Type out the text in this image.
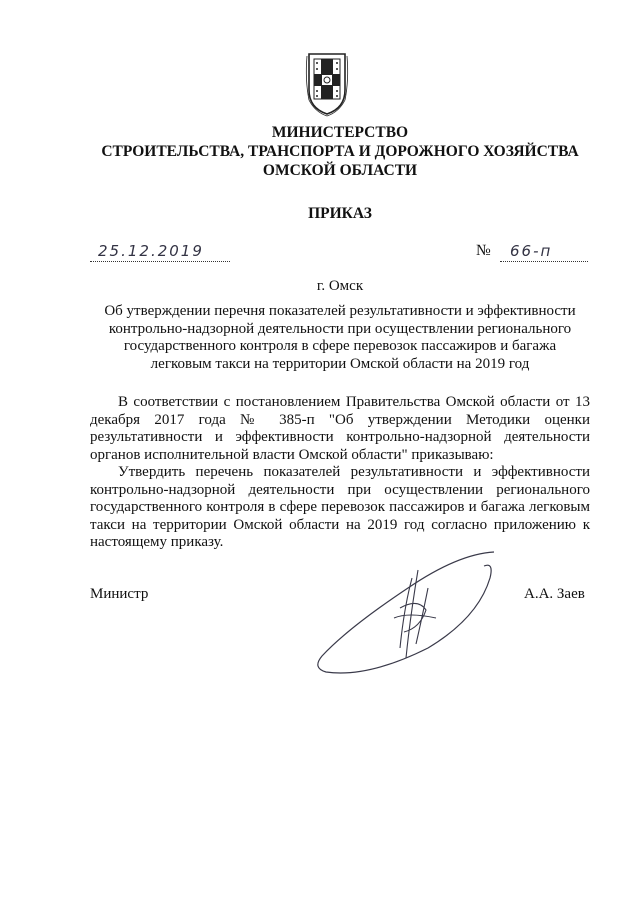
МИНИСТЕРСТВО
СТРОИТЕЛЬСТВА, ТРАНСПОРТА И ДОРОЖНОГО ХОЗЯЙСТВА
ОМСКОЙ ОБЛАСТИ
ПРИКАЗ
25.12.2019	№ 66-п
г. Омск
Об утверждении перечня показателей результативности и эффективности
контрольно-надзорной деятельности при осуществлении регионального
государственного контроля в сфере перевозок пассажиров и багажа
легковым такси на территории Омской области на 2019 год

В соответствии с постановлением Правительства Омской области от 13 декабря 2017 года № 385-п "Об утверждении Методики оценки результативности и эффективности контрольно-надзорной деятельности органов исполнительной власти Омской области" приказываю:

Утвердить перечень показателей результативности и эффективности контрольно-надзорной деятельности при осуществлении регионального государственного контроля в сфере перевозок пассажиров и багажа легковым такси на территории Омской области на 2019 год согласно приложению к настоящему приказу.

Министр	А.А. Заев
